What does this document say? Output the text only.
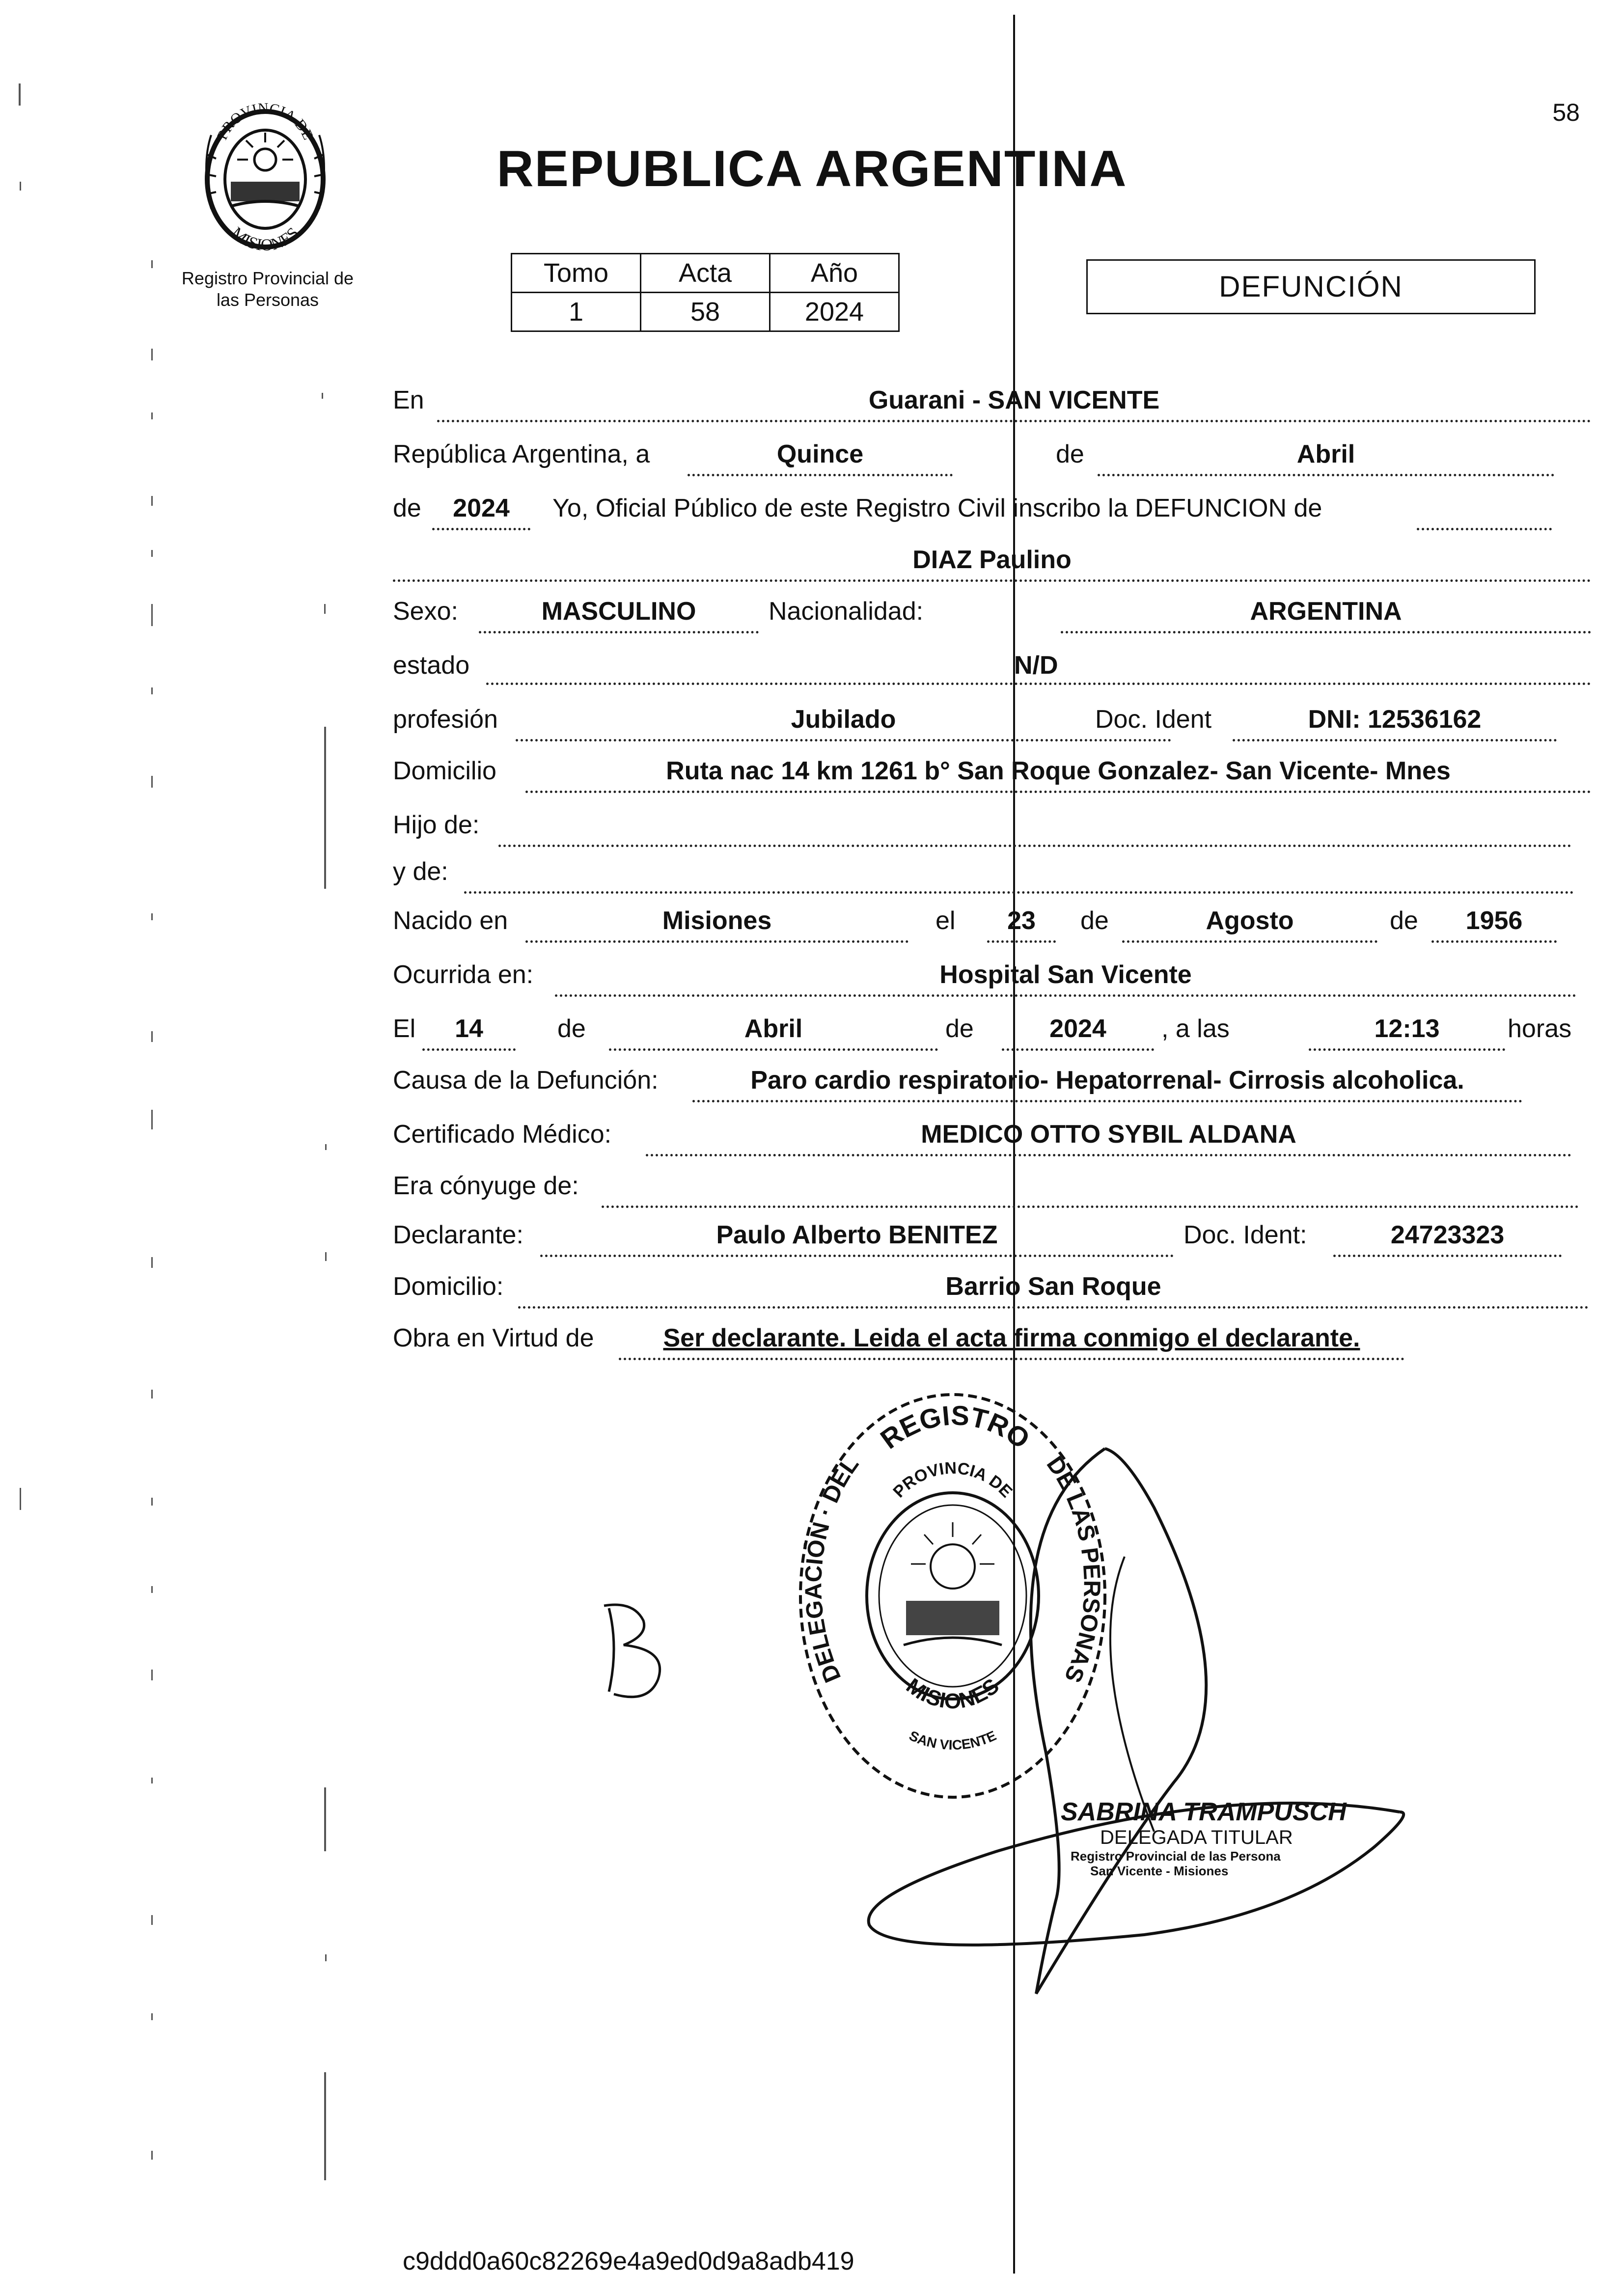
58
PROVINCIA DE
MISIONES
Registro Provincial de
las Personas
REPUBLICA ARGENTINA
Tomo	Acta	Año
1	58	2024
DEFUNCIÓN
En	Guarani - SAN VICENTE
República Argentina, a	Quince	de	Abril
de	2024	Yo, Oficial Público de este Registro Civil inscribo la DEFUNCION de
DIAZ Paulino
Sexo:	MASCULINO	Nacionalidad:	ARGENTINA
estado	N/D
profesión	Jubilado	Doc. Ident	DNI: 12536162
Domicilio	Ruta nac 14 km 1261 b° San Roque Gonzalez- San Vicente- Mnes
Hijo de:
y de:
Nacido en	Misiones	el	23	de	Agosto	de	1956
Ocurrida en:	Hospital San Vicente
El	14	de	Abril	de	2024	, a las	12:13	horas
Causa de la Defunción:	Paro cardio respiratorio- Hepatorrenal- Cirrosis alcoholica.
Certificado Médico:	MEDICO OTTO SYBIL ALDANA
Era cónyuge de:
Declarante:	Paulo Alberto BENITEZ	Doc. Ident:	24723323
Domicilio:	Barrio San Roque
Obra en Virtud de	Ser declarante. Leida el acta firma conmigo el declarante.
REGISTRO
DELEGACIÓN · DEL	DE LAS PERSONAS
PROVINCIA DE
MISIONES
SAN VICENTE
SABRINA TRAMPUSCH
DELEGADA TITULAR
Registro Provincial de las Persona
San Vicente - Misiones
c9ddd0a60c82269e4a9ed0d9a8adb419
